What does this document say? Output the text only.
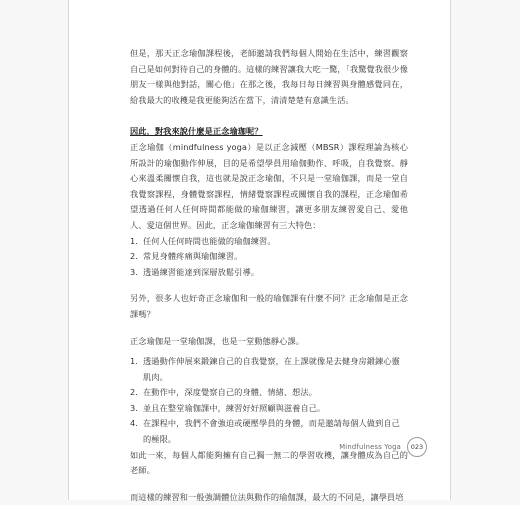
但是，那天正念瑜伽課程後，老師邀請我們每個人開始在生活中，練習觀察自己是如何對待自己的身體的。這樣的練習讓我大吃一驚，「我驚覺我很少像朋友一樣與他對話，關心他」在那之後，我每日每日練習與身體感覺同在，給我最大的收穫是我更能夠活在當下，清清楚楚有意識生活。

因此，對我來說什麼是正念瑜珈呢？

正念瑜伽（mindfulness yoga）是以正念減壓（MBSR）課程理論為核心所設計的瑜伽動作伸展，目的是希望學員用瑜伽動作、呼吸，自我覺察、靜心來溫柔關懷自我，這也就是說正念瑜伽，不只是一堂瑜伽課，而是一堂自我覺察課程，身體覺察課程，情緒覺察課程或關懷自我的課程，正念瑜伽希望透過任何人任何時間都能做的瑜伽練習，讓更多朋友練習愛自己、愛他人、愛這個世界。因此，正念瑜伽練習有三大特色：

1. 任何人任何時間也能做的瑜伽練習。
2. 常見身體疼痛與瑜伽練習。
3. 透過練習能達到深層放鬆引導。

另外，很多人也好奇正念瑜伽和一般的瑜伽課有什麼不同？正念瑜伽是正念課嗎？

正念瑜伽是一堂瑜伽課，也是一堂動態靜心課。

1. 透過動作伸展來鍛鍊自己的自我覺察，在上課就像是去健身房鍛鍊心靈肌肉。
2. 在動作中，深度覺察自己的身體、情緒、想法。
3. 並且在整堂瑜伽課中，練習好好照顧與滋養自己。
4. 在課程中，我們不會強迫或硬壓學員的身體，而是邀請每個人做到自己的極限。

如此一來，每個人都能夠擁有自己獨一無二的學習收穫，讓身體成為自己的老師。

而這樣的練習和一般強調體位法與動作的瑜伽課，最大的不同是，讓學員培

Mindfulness Yoga	023
